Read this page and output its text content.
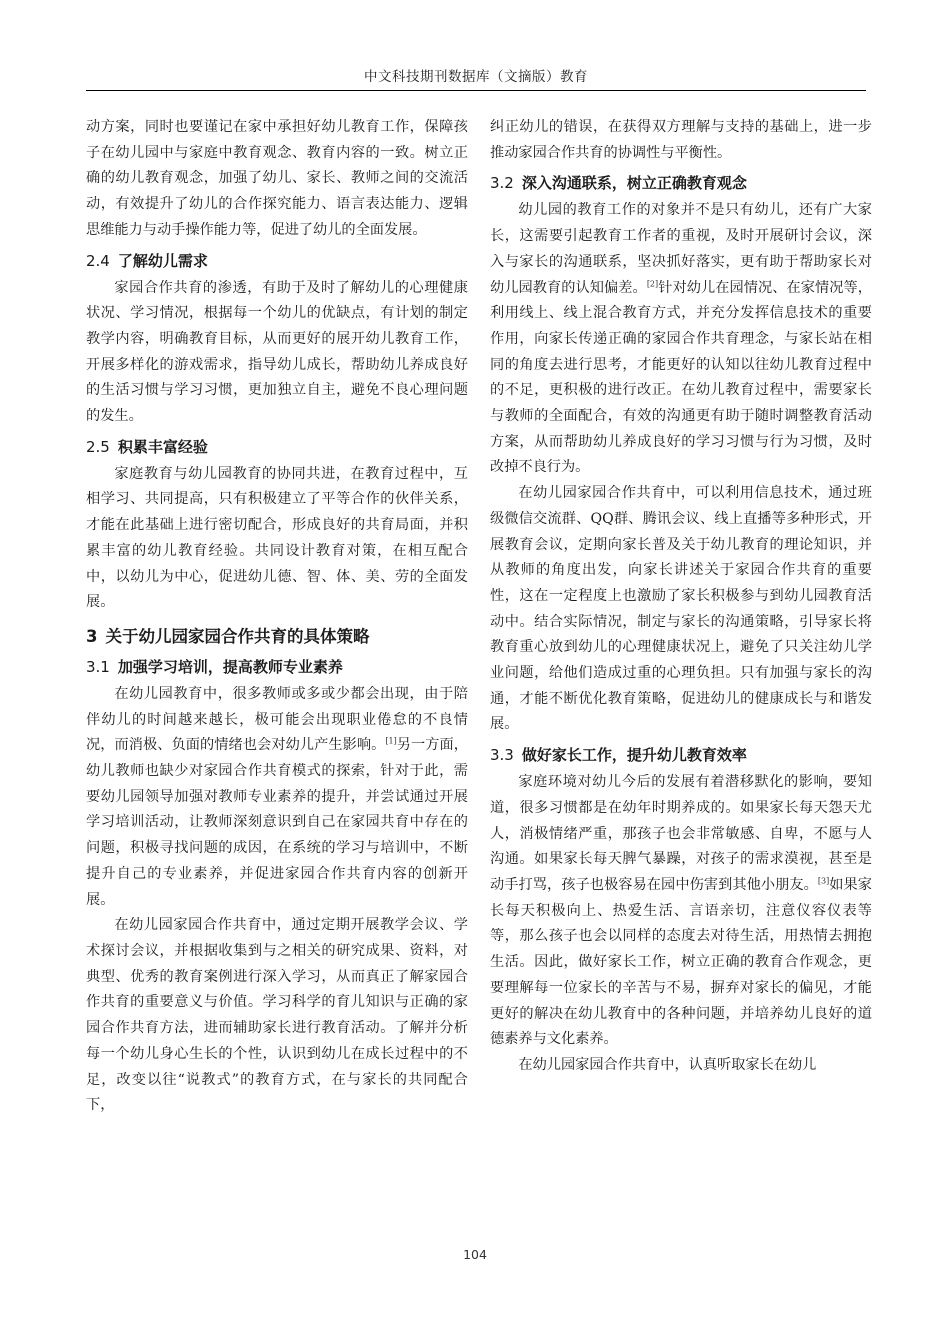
中文科技期刊数据库（文摘版）教育

动方案，同时也要谨记在家中承担好幼儿教育工作，保障孩子在幼儿园中与家庭中教育观念、教育内容的一致。树立正确的幼儿教育观念，加强了幼儿、家长、教师之间的交流活动，有效提升了幼儿的合作探究能力、语言表达能力、逻辑思维能力与动手操作能力等，促进了幼儿的全面发展。

2.4 了解幼儿需求

家园合作共育的渗透，有助于及时了解幼儿的心理健康状况、学习情况，根据每一个幼儿的优缺点，有计划的制定教学内容，明确教育目标，从而更好的展开幼儿教育工作，开展多样化的游戏需求，指导幼儿成长，帮助幼儿养成良好的生活习惯与学习习惯，更加独立自主，避免不良心理问题的发生。

2.5 积累丰富经验

家庭教育与幼儿园教育的协同共进，在教育过程中，互相学习、共同提高，只有积极建立了平等合作的伙伴关系，才能在此基础上进行密切配合，形成良好的共育局面，并积累丰富的幼儿教育经验。共同设计教育对策，在相互配合中，以幼儿为中心，促进幼儿德、智、体、美、劳的全面发展。

3 关于幼儿园家园合作共育的具体策略
3.1 加强学习培训，提高教师专业素养

在幼儿园教育中，很多教师或多或少都会出现，由于陪伴幼儿的时间越来越长，极可能会出现职业倦怠的不良情况，而消极、负面的情绪也会对幼儿产生影响。[1]另一方面，幼儿教师也缺少对家园合作共育模式的探索，针对于此，需要幼儿园领导加强对教师专业素养的提升，并尝试通过开展学习培训活动，让教师深刻意识到自己在家园共育中存在的问题，积极寻找问题的成因，在系统的学习与培训中，不断提升自己的专业素养，并促进家园合作共育内容的创新开展。

在幼儿园家园合作共育中，通过定期开展教学会议、学术探讨会议，并根据收集到与之相关的研究成果、资料，对典型、优秀的教育案例进行深入学习，从而真正了解家园合作共育的重要意义与价值。学习科学的育儿知识与正确的家园合作共育方法，进而辅助家长进行教育活动。了解并分析每一个幼儿身心生长的个性，认识到幼儿在成长过程中的不足，改变以往“说教式”的教育方式，在与家长的共同配合下，

纠正幼儿的错误，在获得双方理解与支持的基础上，进一步推动家园合作共育的协调性与平衡性。

3.2 深入沟通联系，树立正确教育观念

幼儿园的教育工作的对象并不是只有幼儿，还有广大家长，这需要引起教育工作者的重视，及时开展研讨会议，深入与家长的沟通联系，坚决抓好落实，更有助于帮助家长对幼儿园教育的认知偏差。[2]针对幼儿在园情况、在家情况等，利用线上、线上混合教育方式，并充分发挥信息技术的重要作用，向家长传递正确的家园合作共育理念，与家长站在相同的角度去进行思考，才能更好的认知以往幼儿教育过程中的不足，更积极的进行改正。在幼儿教育过程中，需要家长与教师的全面配合，有效的沟通更有助于随时调整教育活动方案，从而帮助幼儿养成良好的学习习惯与行为习惯，及时改掉不良行为。

在幼儿园家园合作共育中，可以利用信息技术，通过班级微信交流群、QQ群、腾讯会议、线上直播等多种形式，开展教育会议，定期向家长普及关于幼儿教育的理论知识，并从教师的角度出发，向家长讲述关于家园合作共育的重要性，这在一定程度上也激励了家长积极参与到幼儿园教育活动中。结合实际情况，制定与家长的沟通策略，引导家长将教育重心放到幼儿的心理健康状况上，避免了只关注幼儿学业问题，给他们造成过重的心理负担。只有加强与家长的沟通，才能不断优化教育策略，促进幼儿的健康成长与和谐发展。

3.3 做好家长工作，提升幼儿教育效率

家庭环境对幼儿今后的发展有着潜移默化的影响，要知道，很多习惯都是在幼年时期养成的。如果家长每天怨天尤人，消极情绪严重，那孩子也会非常敏感、自卑，不愿与人沟通。如果家长每天脾气暴躁，对孩子的需求漠视，甚至是动手打骂，孩子也极容易在园中伤害到其他小朋友。[3]如果家长每天积极向上、热爱生活、言语亲切，注意仪容仪表等等，那么孩子也会以同样的态度去对待生活，用热情去拥抱生活。因此，做好家长工作，树立正确的教育合作观念，更要理解每一位家长的辛苦与不易，摒弃对家长的偏见，才能更好的解决在幼儿教育中的各种问题，并培养幼儿良好的道德素养与文化素养。

在幼儿园家园合作共育中，认真听取家长在幼儿

104
